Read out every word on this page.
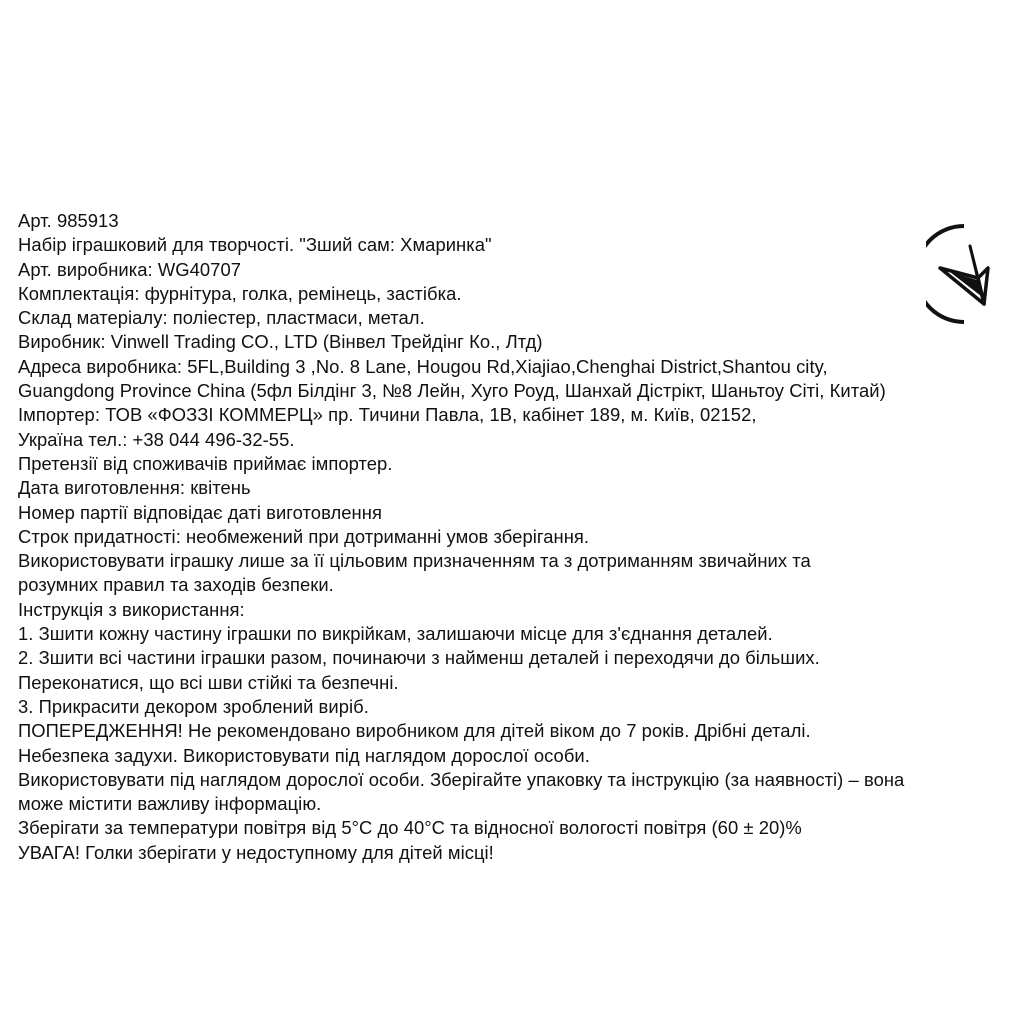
Арт. 985913
Набір іграшковий для творчості. "Зший сам: Хмаринка"
Арт. виробника: WG40707
Комплектація: фурнітура, голка, ремінець, застібка.
Склад матеріалу: поліестер, пластмаси, метал.
Виробник: Vinwell Trading CO., LTD (Вінвел Трейдінг Ко., Лтд)
Адреса виробника: 5FL,Building 3 ,No. 8 Lane, Hougou Rd,Xiajiao,Chenghai District,Shantou city,
Guangdong Province China (5фл Білдінг 3, №8 Лейн, Хуго Роуд, Шанхай Дістрікт, Шаньтоу Сіті, Китай)
Імпортер: ТОВ «ФОЗЗІ КОММЕРЦ» пр. Тичини Павла, 1В, кабінет 189, м. Київ, 02152,
Україна тел.: +38 044 496-32-55.
Претензії від споживачів приймає імпортер.
Дата виготовлення: квітень
Номер партії відповідає даті виготовлення
Строк придатності: необмежений при дотриманні умов зберігання.
Використовувати іграшку лише за її цільовим призначенням та з дотриманням звичайних та
розумних правил та заходів безпеки.
Інструкція з використання:
1. Зшити кожну частину іграшки по викрійкам, залишаючи місце для з'єднання деталей.
2. Зшити всі частини іграшки разом, починаючи з найменш деталей і переходячи до більших.
Переконатися, що всі шви стійкі та безпечні.
3. Прикрасити декором зроблений виріб.
ПОПЕРЕДЖЕННЯ! Не рекомендовано виробником для дітей віком до 7 років. Дрібні деталі.
Небезпека задухи. Використовувати під наглядом дорослої особи.
Використовувати під наглядом дорослої особи. Зберігайте упаковку та інструкцію (за наявності) – вона
може містити важливу інформацію.
Зберігати за температури повітря від 5°C до 40°C та відносної вологості повітря (60 ± 20)%
УВАГА! Голки зберігати у недоступному для дітей місці!
